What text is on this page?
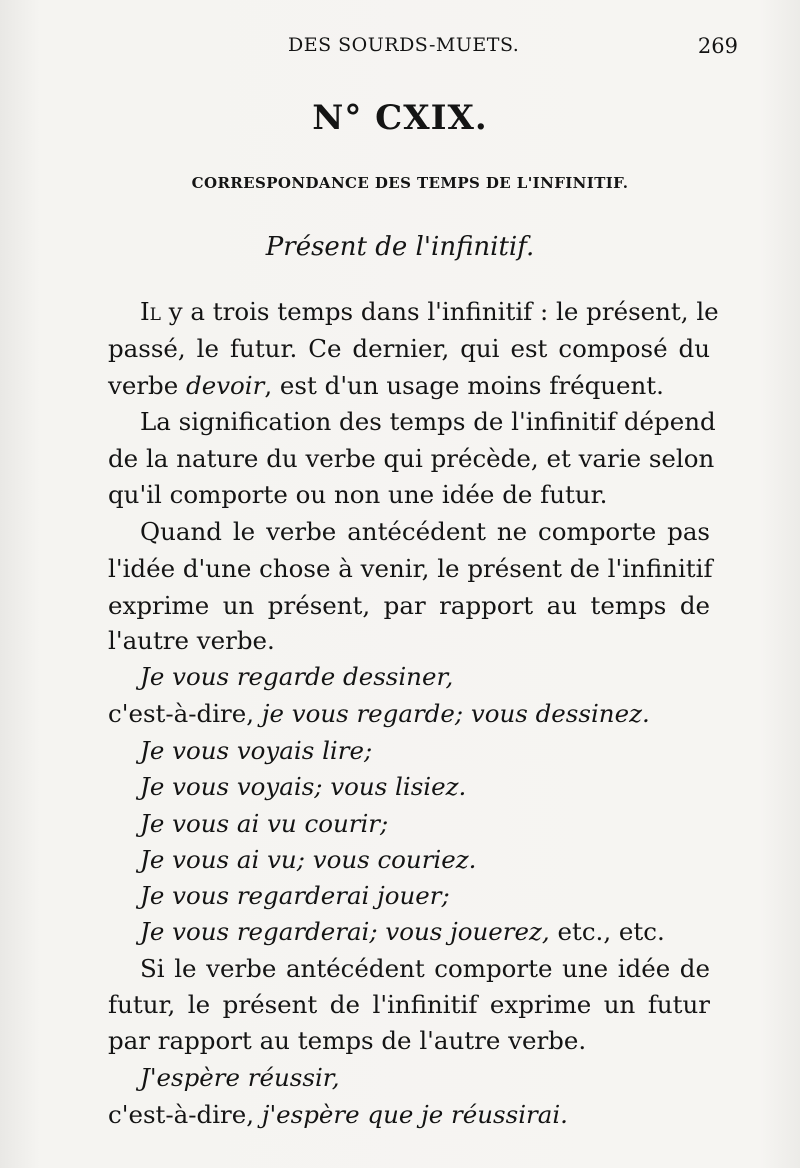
DES SOURDS-MUETS.	269
N° CXIX.
CORRESPONDANCE DES TEMPS DE L'INFINITIF.
Présent de l'infinitif.
Il y a trois temps dans l'infinitif : le présent, le
passé, le futur. Ce dernier, qui est composé du
verbe devoir, est d'un usage moins fréquent.
La signification des temps de l'infinitif dépend
de la nature du verbe qui précède, et varie selon
qu'il comporte ou non une idée de futur.
Quand le verbe antécédent ne comporte pas
l'idée d'une chose à venir, le présent de l'infinitif
exprime un présent, par rapport au temps de
l'autre verbe.
Je vous regarde dessiner,
c'est-à-dire, je vous regarde; vous dessinez.
Je vous voyais lire;
Je vous voyais; vous lisiez.
Je vous ai vu courir;
Je vous ai vu; vous couriez.
Je vous regarderai jouer;
Je vous regarderai; vous jouerez, etc., etc.
Si le verbe antécédent comporte une idée de
futur, le présent de l'infinitif exprime un futur
par rapport au temps de l'autre verbe.
J'espère réussir,
c'est-à-dire, j'espère que je réussirai.
